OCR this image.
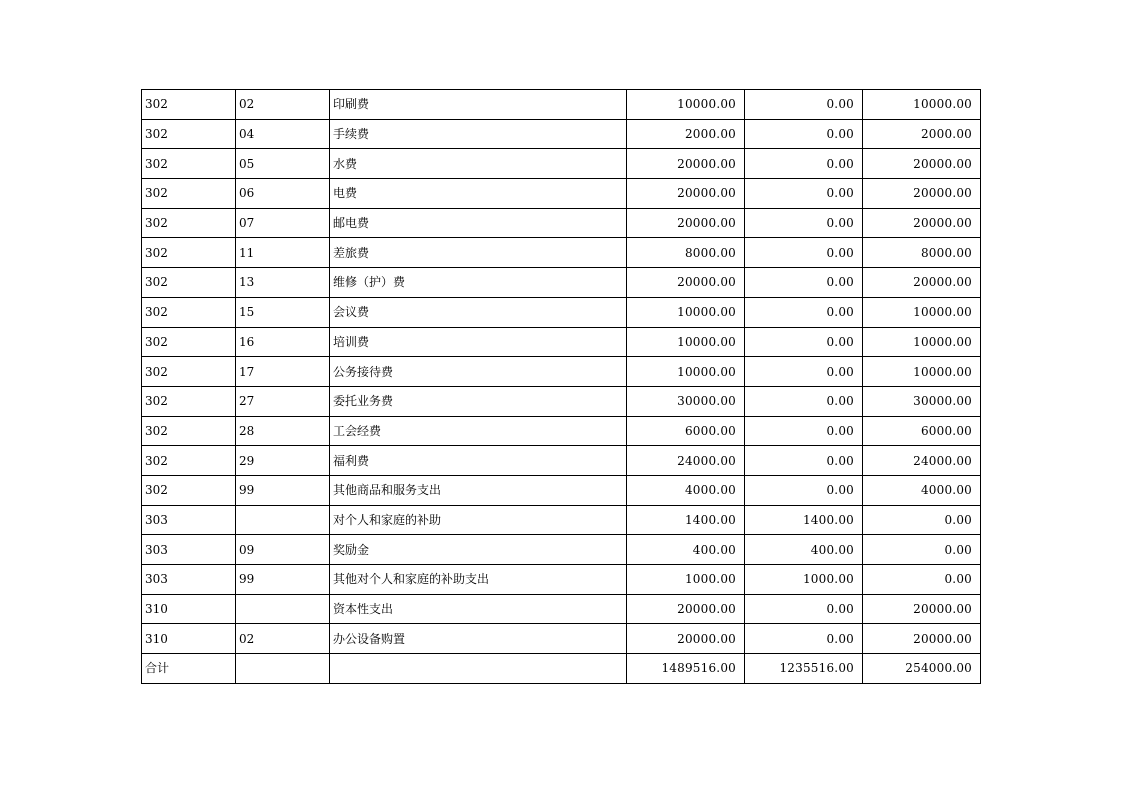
302	02	印刷费	10000.00	0.00	10000.00
302	04	手续费	2000.00	0.00	2000.00
302	05	水费	20000.00	0.00	20000.00
302	06	电费	20000.00	0.00	20000.00
302	07	邮电费	20000.00	0.00	20000.00
302	11	差旅费	8000.00	0.00	8000.00
302	13	维修（护）费	20000.00	0.00	20000.00
302	15	会议费	10000.00	0.00	10000.00
302	16	培训费	10000.00	0.00	10000.00
302	17	公务接待费	10000.00	0.00	10000.00
302	27	委托业务费	30000.00	0.00	30000.00
302	28	工会经费	6000.00	0.00	6000.00
302	29	福利费	24000.00	0.00	24000.00
302	99	其他商品和服务支出	4000.00	0.00	4000.00
303		对个人和家庭的补助	1400.00	1400.00	0.00
303	09	奖励金	400.00	400.00	0.00
303	99	其他对个人和家庭的补助支出	1000.00	1000.00	0.00
310		资本性支出	20000.00	0.00	20000.00
310	02	办公设备购置	20000.00	0.00	20000.00
合计			1489516.00	1235516.00	254000.00
